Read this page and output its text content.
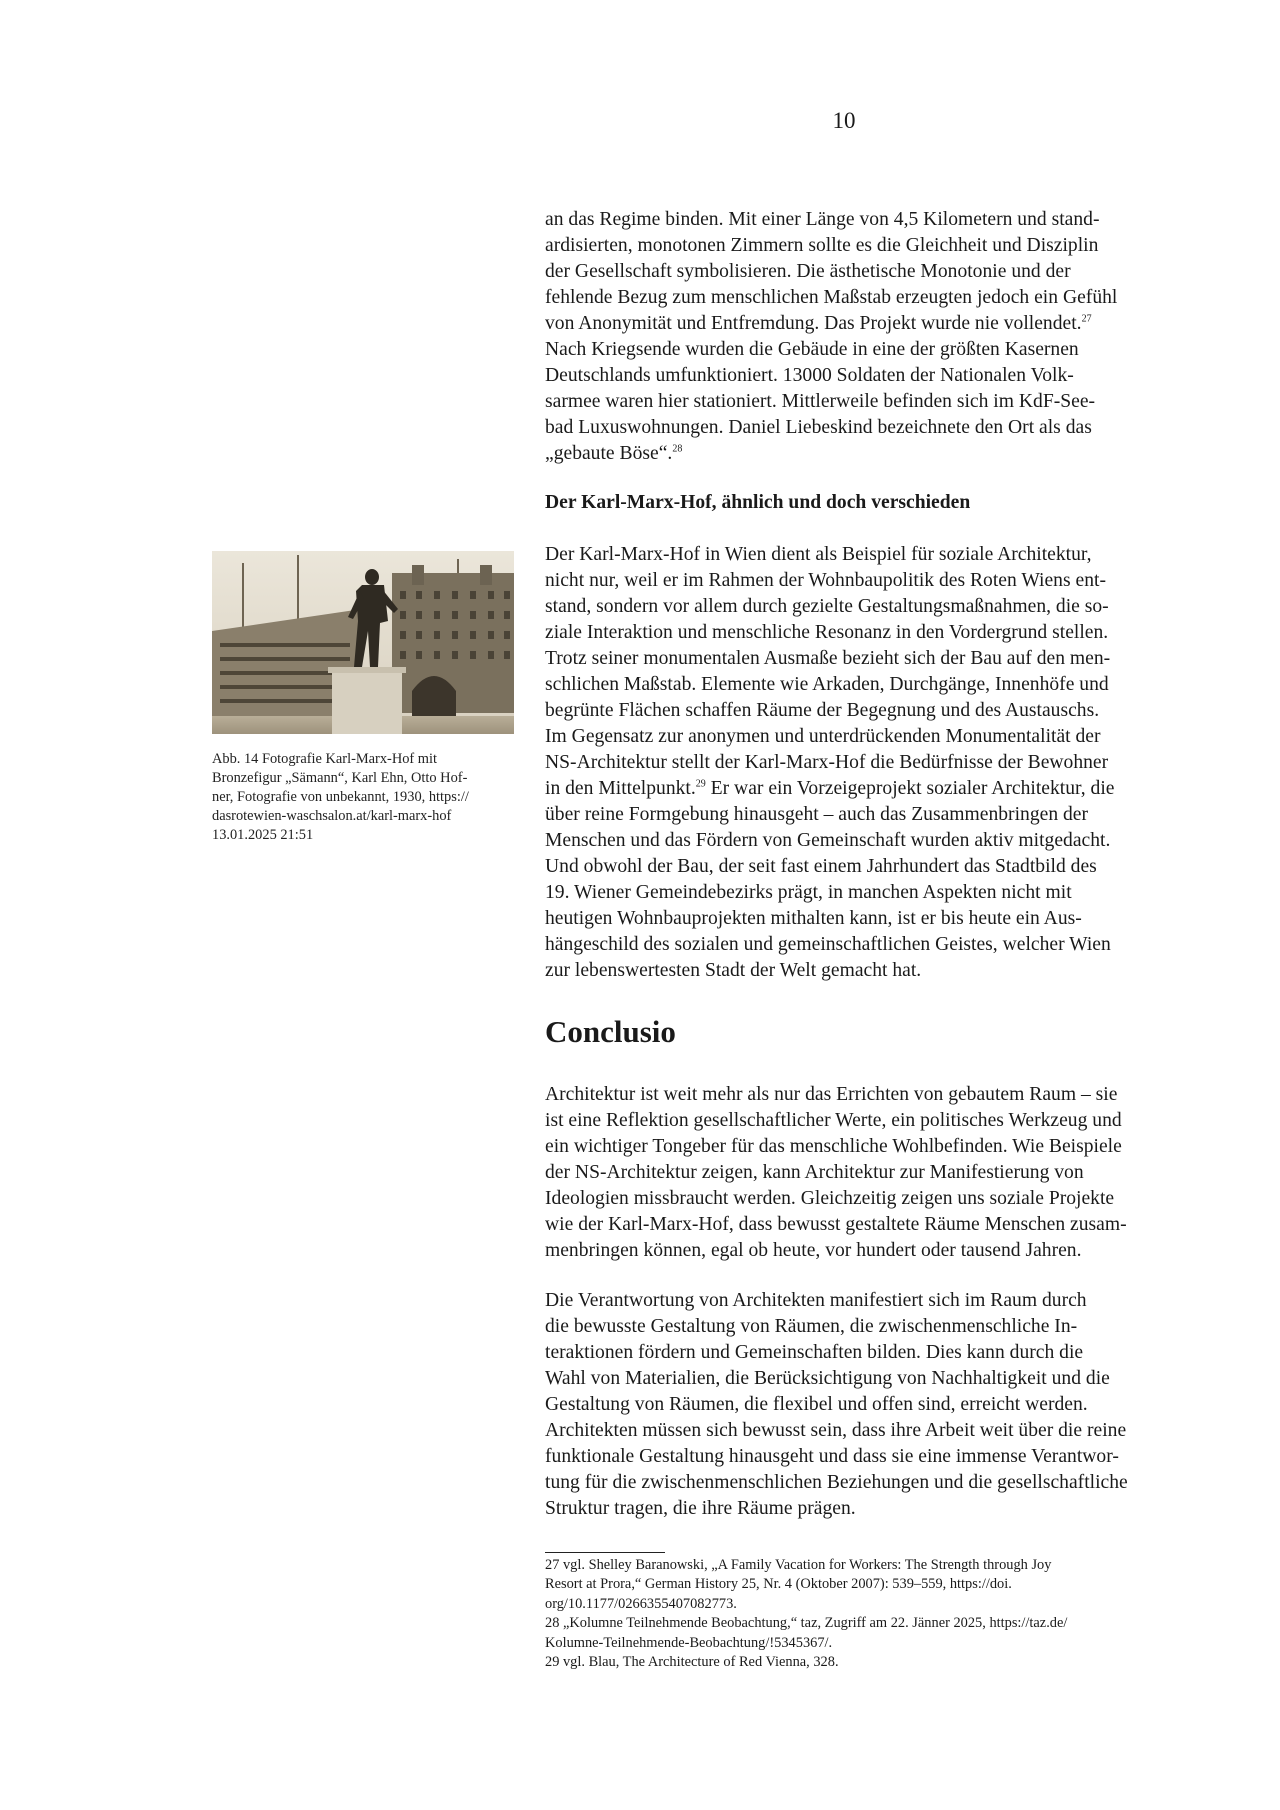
10

an das Regime binden. Mit einer Länge von 4,5 Kilometern und stand-

ardisierten, monotonen Zimmern sollte es die Gleichheit und Disziplin

der Gesellschaft symbolisieren. Die ästhetische Monotonie und der

fehlende Bezug zum menschlichen Maßstab erzeugten jedoch ein Gefühl

von Anonymität und Entfremdung. Das Projekt wurde nie vollendet.$^{27}$

Nach Kriegsende wurden die Gebäude in eine der größten Kasernen

Deutschlands umfunktioniert. 13000 Soldaten der Nationalen Volk-

sarmee waren hier stationiert. Mittlerweile befinden sich im KdF-See-

bad Luxuswohnungen. Daniel Liebeskind bezeichnete den Ort als das

„gebaute Böse“.$^{28}$

Der Karl-Marx-Hof, ähnlich und doch verschieden

Der Karl-Marx-Hof in Wien dient als Beispiel für soziale Architektur,

nicht nur, weil er im Rahmen der Wohnbaupolitik des Roten Wiens ent-

stand, sondern vor allem durch gezielte Gestaltungsmaßnahmen, die so-

ziale Interaktion und menschliche Resonanz in den Vordergrund stellen.

Trotz seiner monumentalen Ausmaße bezieht sich der Bau auf den men-

schlichen Maßstab. Elemente wie Arkaden, Durchgänge, Innenhöfe und

begrünte Flächen schaffen Räume der Begegnung und des Austauschs.

Im Gegensatz zur anonymen und unterdrückenden Monumentalität der

NS-Architektur stellt der Karl-Marx-Hof die Bedürfnisse der Bewohner

in den Mittelpunkt.$^{29}$ Er war ein Vorzeigeprojekt sozialer Architektur, die

über reine Formgebung hinausgeht – auch das Zusammenbringen der

Menschen und das Fördern von Gemeinschaft wurden aktiv mitgedacht.

Und obwohl der Bau, der seit fast einem Jahrhundert das Stadtbild des

19. Wiener Gemeindebezirks prägt, in manchen Aspekten nicht mit

heutigen Wohnbauprojekten mithalten kann, ist er bis heute ein Aus-

hängeschild des sozialen und gemeinschaftlichen Geistes, welcher Wien

zur lebenswertesten Stadt der Welt gemacht hat.

Conclusio

Architektur ist weit mehr als nur das Errichten von gebautem Raum – sie

ist eine Reflektion gesellschaftlicher Werte, ein politisches Werkzeug und

ein wichtiger Tongeber für das menschliche Wohlbefinden. Wie Beispiele

der NS-Architektur zeigen, kann Architektur zur Manifestierung von

Ideologien missbraucht werden. Gleichzeitig zeigen uns soziale Projekte

wie der Karl-Marx-Hof, dass bewusst gestaltete Räume Menschen zusam-

menbringen können, egal ob heute, vor hundert oder tausend Jahren.

Die Verantwortung von Architekten manifestiert sich im Raum durch

die bewusste Gestaltung von Räumen, die zwischenmenschliche In-

teraktionen fördern und Gemeinschaften bilden. Dies kann durch die

Wahl von Materialien, die Berücksichtigung von Nachhaltigkeit und die

Gestaltung von Räumen, die flexibel und offen sind, erreicht werden.

Architekten müssen sich bewusst sein, dass ihre Arbeit weit über die reine

funktionale Gestaltung hinausgeht und dass sie eine immense Verantwor-

tung für die zwischenmenschlichen Beziehungen und die gesellschaftliche

Struktur tragen, die ihre Räume prägen.

Abb. 14 Fotografie Karl-Marx-Hof mit

Bronzefigur „Sämann“, Karl Ehn, Otto Hof-

ner, Fotografie von unbekannt, 1930, https://

dasrotewien-waschsalon.at/karl-marx-hof

13.01.2025 21:51

27 vgl. Shelley Baranowski, „A Family Vacation for Workers: The Strength through Joy

Resort at Prora,“ German History 25, Nr. 4 (Oktober 2007): 539–559, https://doi.

org/10.1177/0266355407082773.

28 „Kolumne Teilnehmende Beobachtung,“ taz, Zugriff am 22. Jänner 2025, https://taz.de/

Kolumne-Teilnehmende-Beobachtung/!5345367/.

29 vgl. Blau, The Architecture of Red Vienna, 328.
